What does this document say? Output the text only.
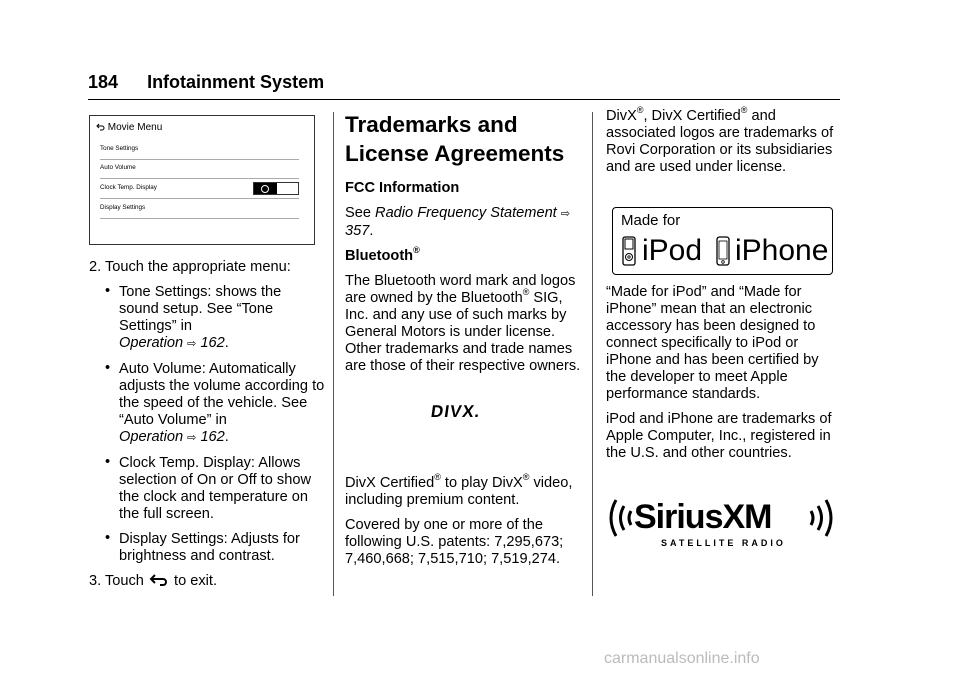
184 Infotainment System
Movie Menu
Tone Settings
Auto Volume
Clock Temp. Display
Display Settings

2. Touch the appropriate menu:

• Tone Settings: shows the sound setup. See “Tone Settings” in
Operation ⇨ 162.
• Auto Volume: Automatically adjusts the volume according to the speed of the vehicle. See “Auto Volume” in
Operation ⇨ 162.
• Clock Temp. Display: Allows selection of On or Off to show the clock and temperature on the full screen.
• Display Settings: Adjusts for brightness and contrast.

3. Touch to exit.

Trademarks and License Agreements
FCC Information

See Radio Frequency Statement ⇨ 357.

Bluetooth®

The Bluetooth word mark and logos are owned by the Bluetooth® SIG, Inc. and any use of such marks by General Motors is under license. Other trademarks and trade names are those of their respective owners.

DivX Certified® to play DivX® video, including premium content.

Covered by one or more of the following U.S. patents: 7,295,673; 7,460,668; 7,515,710; 7,519,274.

DIVX.

DivX®, DivX Certified® and associated logos are trademarks of Rovi Corporation or its subsidiaries and are used under license.

“Made for iPod” and “Made for iPhone” mean that an electronic accessory has been designed to connect specifically to iPod or iPhone and has been certified by the developer to meet Apple performance standards.

iPod and iPhone are trademarks of Apple Computer, Inc., registered in the U.S. and other countries.

Made for
iPod iPhone
SiriusXM
SATELLITE RADIO
carmanualsonline.info
